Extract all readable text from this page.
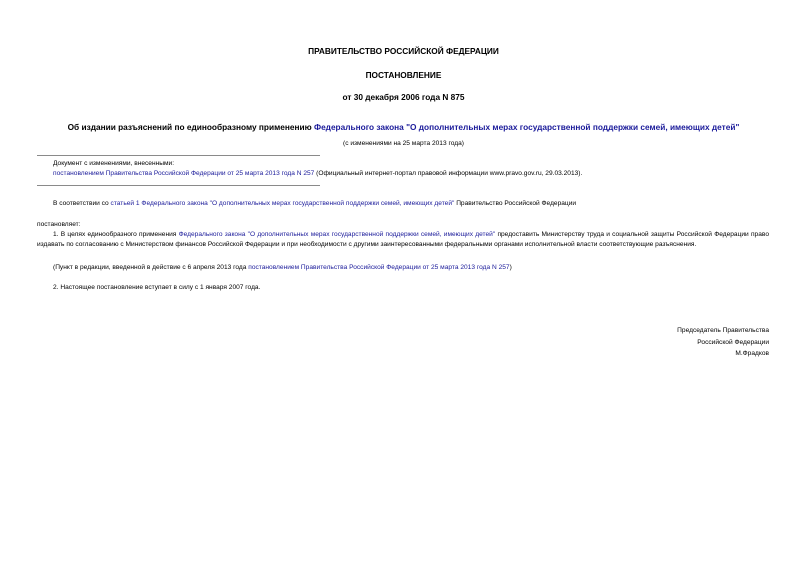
ПРАВИТЕЛЬСТВО РОССИЙСКОЙ ФЕДЕРАЦИИ
ПОСТАНОВЛЕНИЕ
от 30 декабря 2006 года N 875
Об издании разъяснений по единообразному применению Федерального закона "О дополнительных мерах государственной поддержки семей, имеющих детей"
(с изменениями на 25 марта 2013 года)
Документ с изменениями, внесенными:
постановлением Правительства Российской Федерации от 25 марта 2013 года N 257 (Официальный интернет-портал правовой информации www.pravo.gov.ru, 29.03.2013).
В соответствии со статьей 1 Федерального закона "О дополнительных мерах государственной поддержки семей, имеющих детей" Правительство Российской Федерации
постановляет:
1. В целях единообразного применения Федерального закона "О дополнительных мерах государственной поддержки семей, имеющих детей" предоставить Министерству труда и социальной защиты Российской Федерации право издавать по согласованию с Министерством финансов Российской Федерации и при необходимости с другими заинтересованными федеральными органами исполнительной власти соответствующие разъяснения.
(Пункт в редакции, введенной в действие с 6 апреля 2013 года постановлением Правительства Российской Федерации от 25 марта 2013 года N 257)
2. Настоящее постановление вступает в силу с 1 января 2007 года.
Председатель Правительства
Российской Федерации
М.Фрадков
